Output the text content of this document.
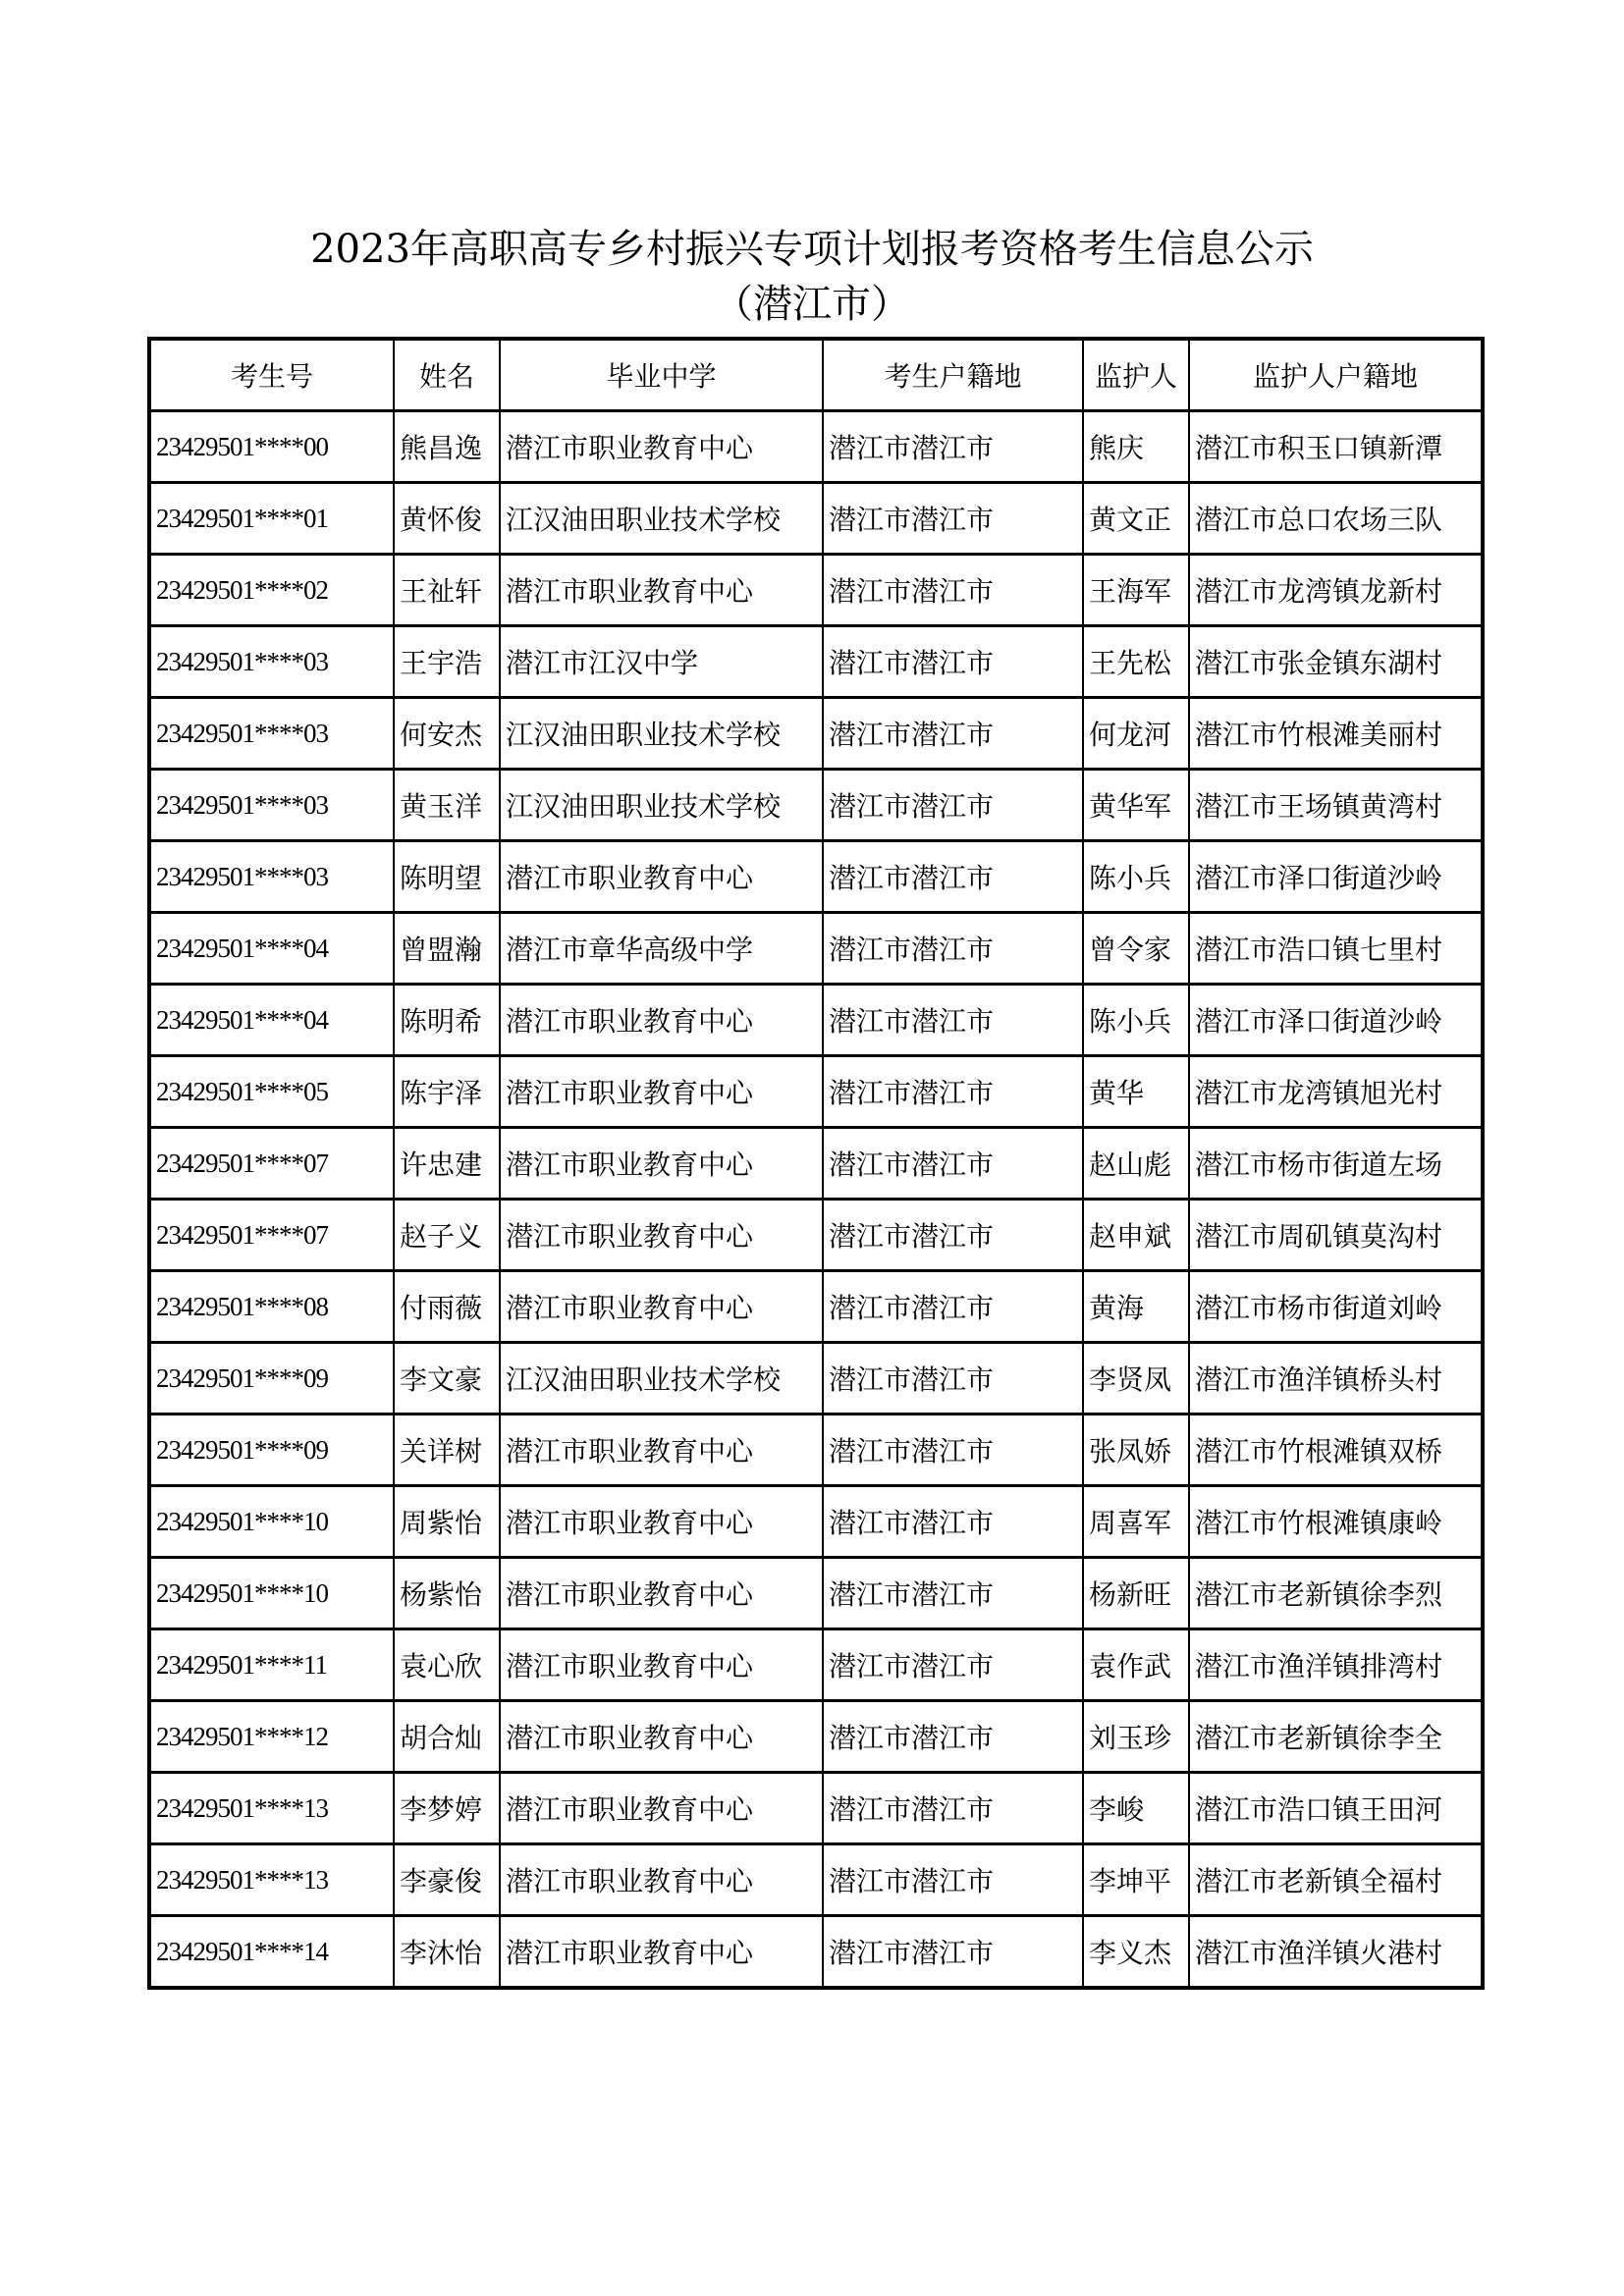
2023年高职高专乡村振兴专项计划报考资格考生信息公示
（潜江市）
考生号	姓名	毕业中学	考生户籍地	监护人	监护人户籍地
23429501****00	熊昌逸	潜江市职业教育中心	潜江市潜江市	熊庆	潜江市积玉口镇新潭
23429501****01	黄怀俊	江汉油田职业技术学校	潜江市潜江市	黄文正	潜江市总口农场三队
23429501****02	王祉轩	潜江市职业教育中心	潜江市潜江市	王海军	潜江市龙湾镇龙新村
23429501****03	王宇浩	潜江市江汉中学	潜江市潜江市	王先松	潜江市张金镇东湖村
23429501****03	何安杰	江汉油田职业技术学校	潜江市潜江市	何龙河	潜江市竹根滩美丽村
23429501****03	黄玉洋	江汉油田职业技术学校	潜江市潜江市	黄华军	潜江市王场镇黄湾村
23429501****03	陈明望	潜江市职业教育中心	潜江市潜江市	陈小兵	潜江市泽口街道沙岭
23429501****04	曾盟瀚	潜江市章华高级中学	潜江市潜江市	曾令家	潜江市浩口镇七里村
23429501****04	陈明希	潜江市职业教育中心	潜江市潜江市	陈小兵	潜江市泽口街道沙岭
23429501****05	陈宇泽	潜江市职业教育中心	潜江市潜江市	黄华	潜江市龙湾镇旭光村
23429501****07	许忠建	潜江市职业教育中心	潜江市潜江市	赵山彪	潜江市杨市街道左场
23429501****07	赵子义	潜江市职业教育中心	潜江市潜江市	赵申斌	潜江市周矶镇莫沟村
23429501****08	付雨薇	潜江市职业教育中心	潜江市潜江市	黄海	潜江市杨市街道刘岭
23429501****09	李文豪	江汉油田职业技术学校	潜江市潜江市	李贤凤	潜江市渔洋镇桥头村
23429501****09	关详树	潜江市职业教育中心	潜江市潜江市	张凤娇	潜江市竹根滩镇双桥
23429501****10	周紫怡	潜江市职业教育中心	潜江市潜江市	周喜军	潜江市竹根滩镇康岭
23429501****10	杨紫怡	潜江市职业教育中心	潜江市潜江市	杨新旺	潜江市老新镇徐李烈
23429501****11	袁心欣	潜江市职业教育中心	潜江市潜江市	袁作武	潜江市渔洋镇排湾村
23429501****12	胡合灿	潜江市职业教育中心	潜江市潜江市	刘玉珍	潜江市老新镇徐李全
23429501****13	李梦婷	潜江市职业教育中心	潜江市潜江市	李峻	潜江市浩口镇王田河
23429501****13	李豪俊	潜江市职业教育中心	潜江市潜江市	李坤平	潜江市老新镇全福村
23429501****14	李沐怡	潜江市职业教育中心	潜江市潜江市	李义杰	潜江市渔洋镇火港村
